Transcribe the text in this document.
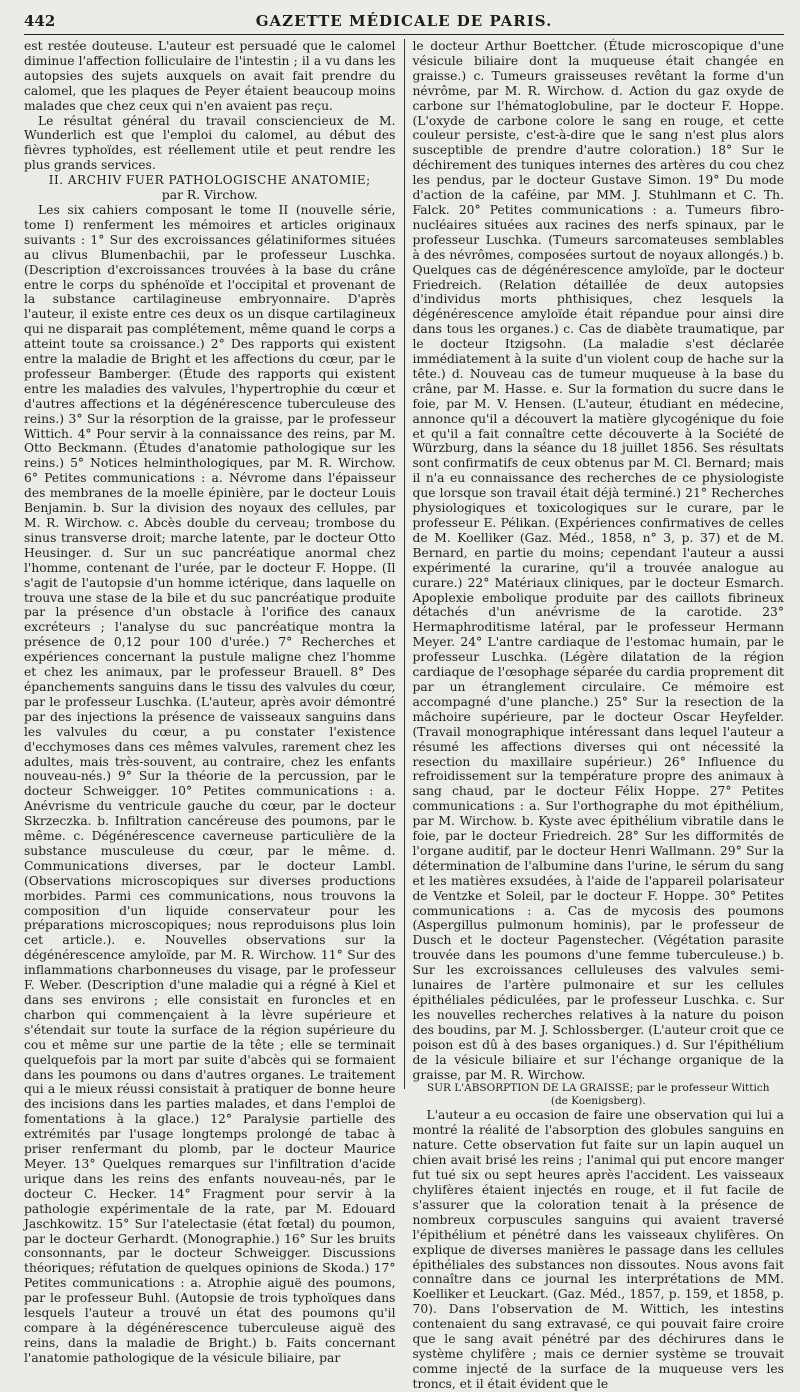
442	GAZETTE MÉDICALE DE PARIS.

est restée douteuse. L'auteur est persuadé que le calomel diminue l'affection folliculaire de l'intestin ; il a vu dans les autopsies des sujets auxquels on avait fait prendre du calomel, que les plaques de Peyer étaient beaucoup moins malades que chez ceux qui n'en avaient pas reçu.

Le résultat général du travail consciencieux de M. Wunderlich est que l'emploi du calomel, au début des fièvres typhoïdes, est réellement utile et peut rendre les plus grands services.

II. ARCHIV FUER PATHOLOGISCHE ANATOMIE;

par R. Virchow.

Les six cahiers composant le tome II (nouvelle série, tome I) renferment les mémoires et articles originaux suivants : 1° Sur des excroissances gélatiniformes situées au clivus Blumenbachii, par le professeur Luschka. (Description d'excroissances trouvées à la base du crâne entre le corps du sphénoïde et l'occipital et provenant de la substance cartilagineuse embryonnaire. D'après l'auteur, il existe entre ces deux os un disque cartilagineux qui ne disparait pas complétement, même quand le corps a atteint toute sa croissance.) 2° Des rapports qui existent entre la maladie de Bright et les affections du cœur, par le professeur Bamberger. (Étude des rapports qui existent entre les maladies des valvules, l'hypertrophie du cœur et d'autres affections et la dégénérescence tuberculeuse des reins.) 3° Sur la résorption de la graisse, par le professeur Wittich. 4° Pour servir à la connaissance des reins, par M. Otto Beckmann. (Études d'anatomie pathologique sur les reins.) 5° Notices helminthologiques, par M. R. Wirchow. 6° Petites communications : a. Névrome dans l'épaisseur des membranes de la moelle épinière, par le docteur Louis Benjamin. b. Sur la division des noyaux des cellules, par M. R. Wirchow. c. Abcès double du cerveau; trombose du sinus transverse droit; marche latente, par le docteur Otto Heusinger. d. Sur un suc pancréatique anormal chez l'homme, contenant de l'urée, par le docteur F. Hoppe. (Il s'agit de l'autopsie d'un homme ictérique, dans laquelle on trouva une stase de la bile et du suc pancréatique produite par la présence d'un obstacle à l'orifice des canaux excréteurs ; l'analyse du suc pancréatique montra la présence de 0,12 pour 100 d'urée.) 7° Recherches et expériences concernant la pustule maligne chez l'homme et chez les animaux, par le professeur Brauell. 8° Des épanchements sanguins dans le tissu des valvules du cœur, par le professeur Luschka. (L'auteur, après avoir démontré par des injections la présence de vaisseaux sanguins dans les valvules du cœur, a pu constater l'existence d'ecchymoses dans ces mêmes valvules, rarement chez les adultes, mais très-souvent, au contraire, chez les enfants nouveau-nés.) 9° Sur la théorie de la percussion, par le docteur Schweigger. 10° Petites communications : a. Anévrisme du ventricule gauche du cœur, par le docteur Skrzeczka. b. Infiltration cancéreuse des poumons, par le même. c. Dégénérescence caverneuse particulière de la substance musculeuse du cœur, par le même. d. Communications diverses, par le docteur Lambl. (Observations microscopiques sur diverses productions morbides. Parmi ces communications, nous trouvons la composition d'un liquide conservateur pour les préparations microscopiques; nous reproduisons plus loin cet article.). e. Nouvelles observations sur la dégénérescence amyloïde, par M. R. Wirchow. 11° Sur des inflammations charbonneuses du visage, par le professeur F. Weber. (Description d'une maladie qui a régné à Kiel et dans ses environs ; elle consistait en furoncles et en charbon qui commençaient à la lèvre supérieure et s'étendait sur toute la surface de la région supérieure du cou et même sur une partie de la tête ; elle se terminait quelquefois par la mort par suite d'abcès qui se formaient dans les poumons ou dans d'autres organes. Le traitement qui a le mieux réussi consistait à pratiquer de bonne heure des incisions dans les parties malades, et dans l'emploi de fomentations à la glace.) 12° Paralysie partielle des extrémités par l'usage longtemps prolongé de tabac à priser renfermant du plomb, par le docteur Maurice Meyer. 13° Quelques remarques sur l'infiltration d'acide urique dans les reins des enfants nouveau-nés, par le docteur C. Hecker. 14° Fragment pour servir à la pathologie expérimentale de la rate, par M. Edouard Jaschkowitz. 15° Sur l'atelectasie (état fœtal) du poumon, par le docteur Gerhardt. (Monographie.) 16° Sur les bruits consonnants, par le docteur Schweigger. Discussions théoriques; réfutation de quelques opinions de Skoda.) 17° Petites communications : a. Atrophie aiguë des poumons, par le professeur Buhl. (Autopsie de trois typhoïques dans lesquels l'auteur a trouvé un état des poumons qu'il compare à la dégénérescence tuberculeuse aiguë des reins, dans la maladie de Bright.) b. Faits concernant l'anatomie pathologique de la vésicule biliaire, par

le docteur Arthur Boettcher. (Étude microscopique d'une vésicule biliaire dont la muqueuse était changée en graisse.) c. Tumeurs graisseuses revêtant la forme d'un névrôme, par M. R. Wirchow. d. Action du gaz oxyde de carbone sur l'hématoglobuline, par le docteur F. Hoppe. (L'oxyde de carbone colore le sang en rouge, et cette couleur persiste, c'est-à-dire que le sang n'est plus alors susceptible de prendre d'autre coloration.) 18° Sur le déchirement des tuniques internes des artères du cou chez les pendus, par le docteur Gustave Simon. 19° Du mode d'action de la caféine, par MM. J. Stuhlmann et C. Th. Falck. 20° Petites communications : a. Tumeurs fibro-nucléaires situées aux racines des nerfs spinaux, par le professeur Luschka. (Tumeurs sarcomateuses semblables à des névrômes, composées surtout de noyaux allongés.) b. Quelques cas de dégénérescence amyloïde, par le docteur Friedreich. (Relation détaillée de deux autopsies d'individus morts phthisiques, chez lesquels la dégénérescence amyloïde était répandue pour ainsi dire dans tous les organes.) c. Cas de diabète traumatique, par le docteur Itzigsohn. (La maladie s'est déclarée immédiatement à la suite d'un violent coup de hache sur la tête.) d. Nouveau cas de tumeur muqueuse à la base du crâne, par M. Hasse. e. Sur la formation du sucre dans le foie, par M. V. Hensen. (L'auteur, étudiant en médecine, annonce qu'il a découvert la matière glycogénique du foie et qu'il a fait connaître cette découverte à la Société de Würzburg, dans la séance du 18 juillet 1856. Ses résultats sont confirmatifs de ceux obtenus par M. Cl. Bernard; mais il n'a eu connaissance des recherches de ce physiologiste que lorsque son travail était déjà terminé.) 21° Recherches physiologiques et toxicologiques sur le curare, par le professeur E. Pélikan. (Expériences confirmatives de celles de M. Koelliker (Gaz. Méd., 1858, n° 3, p. 37) et de M. Bernard, en partie du moins; cependant l'auteur a aussi expérimenté la curarine, qu'il a trouvée analogue au curare.) 22° Matériaux cliniques, par le docteur Esmarch. Apoplexie embolique produite par des caillots fibrineux détachés d'un anévrisme de la carotide. 23° Hermaphroditisme latéral, par le professeur Hermann Meyer. 24° L'antre cardiaque de l'estomac humain, par le professeur Luschka. (Légère dilatation de la région cardiaque de l'œsophage séparée du cardia proprement dit par un étranglement circulaire. Ce mémoire est accompagné d'une planche.) 25° Sur la resection de la mâchoire supérieure, par le docteur Oscar Heyfelder. (Travail monographique intéressant dans lequel l'auteur a résumé les affections diverses qui ont nécessité la resection du maxillaire supérieur.) 26° Influence du refroidissement sur la température propre des animaux à sang chaud, par le docteur Félix Hoppe. 27° Petites communications : a. Sur l'orthographe du mot épithélium, par M. Wirchow. b. Kyste avec épithélium vibratile dans le foie, par le docteur Friedreich. 28° Sur les difformités de l'organe auditif, par le docteur Henri Wallmann. 29° Sur la détermination de l'albumine dans l'urine, le sérum du sang et les matières exsudées, à l'aide de l'appareil polarisateur de Ventzke et Soleil, par le docteur F. Hoppe. 30° Petites communications : a. Cas de mycosis des poumons (Aspergillus pulmonum hominis), par le professeur de Dusch et le docteur Pagenstecher. (Végétation parasite trouvée dans les poumons d'une femme tuberculeuse.) b. Sur les excroissances celluleuses des valvules semi-lunaires de l'artère pulmonaire et sur les cellules épithéliales pédiculées, par le professeur Luschka. c. Sur les nouvelles recherches relatives à la nature du poison des boudins, par M. J. Schlossberger. (L'auteur croit que ce poison est dû à des bases organiques.) d. Sur l'épithélium de la vésicule biliaire et sur l'échange organique de la graisse, par M. R. Wirchow.

SUR L'ABSORPTION DE LA GRAISSE; par le professeur Wittich
(de Koenigsberg).

L'auteur a eu occasion de faire une observation qui lui a montré la réalité de l'absorption des globules sanguins en nature. Cette observation fut faite sur un lapin auquel un chien avait brisé les reins ; l'animal qui put encore manger fut tué six ou sept heures après l'accident. Les vaisseaux chylifères étaient injectés en rouge, et il fut facile de s'assurer que la coloration tenait à la présence de nombreux corpuscules sanguins qui avaient traversé l'épithélium et pénétré dans les vaisseaux chylifères. On explique de diverses manières le passage dans les cellules épithéliales des substances non dissoutes. Nous avons fait connaître dans ce journal les interprétations de MM. Koelliker et Leuckart. (Gaz. Méd., 1857, p. 159, et 1858, p. 70). Dans l'observation de M. Wittich, les intestins contenaient du sang extravasé, ce qui pouvait faire croire que le sang avait pénétré par des déchirures dans le système chylifère ; mais ce dernier système se trouvait comme injecté de la surface de la muqueuse vers les troncs, et il était évident que le
